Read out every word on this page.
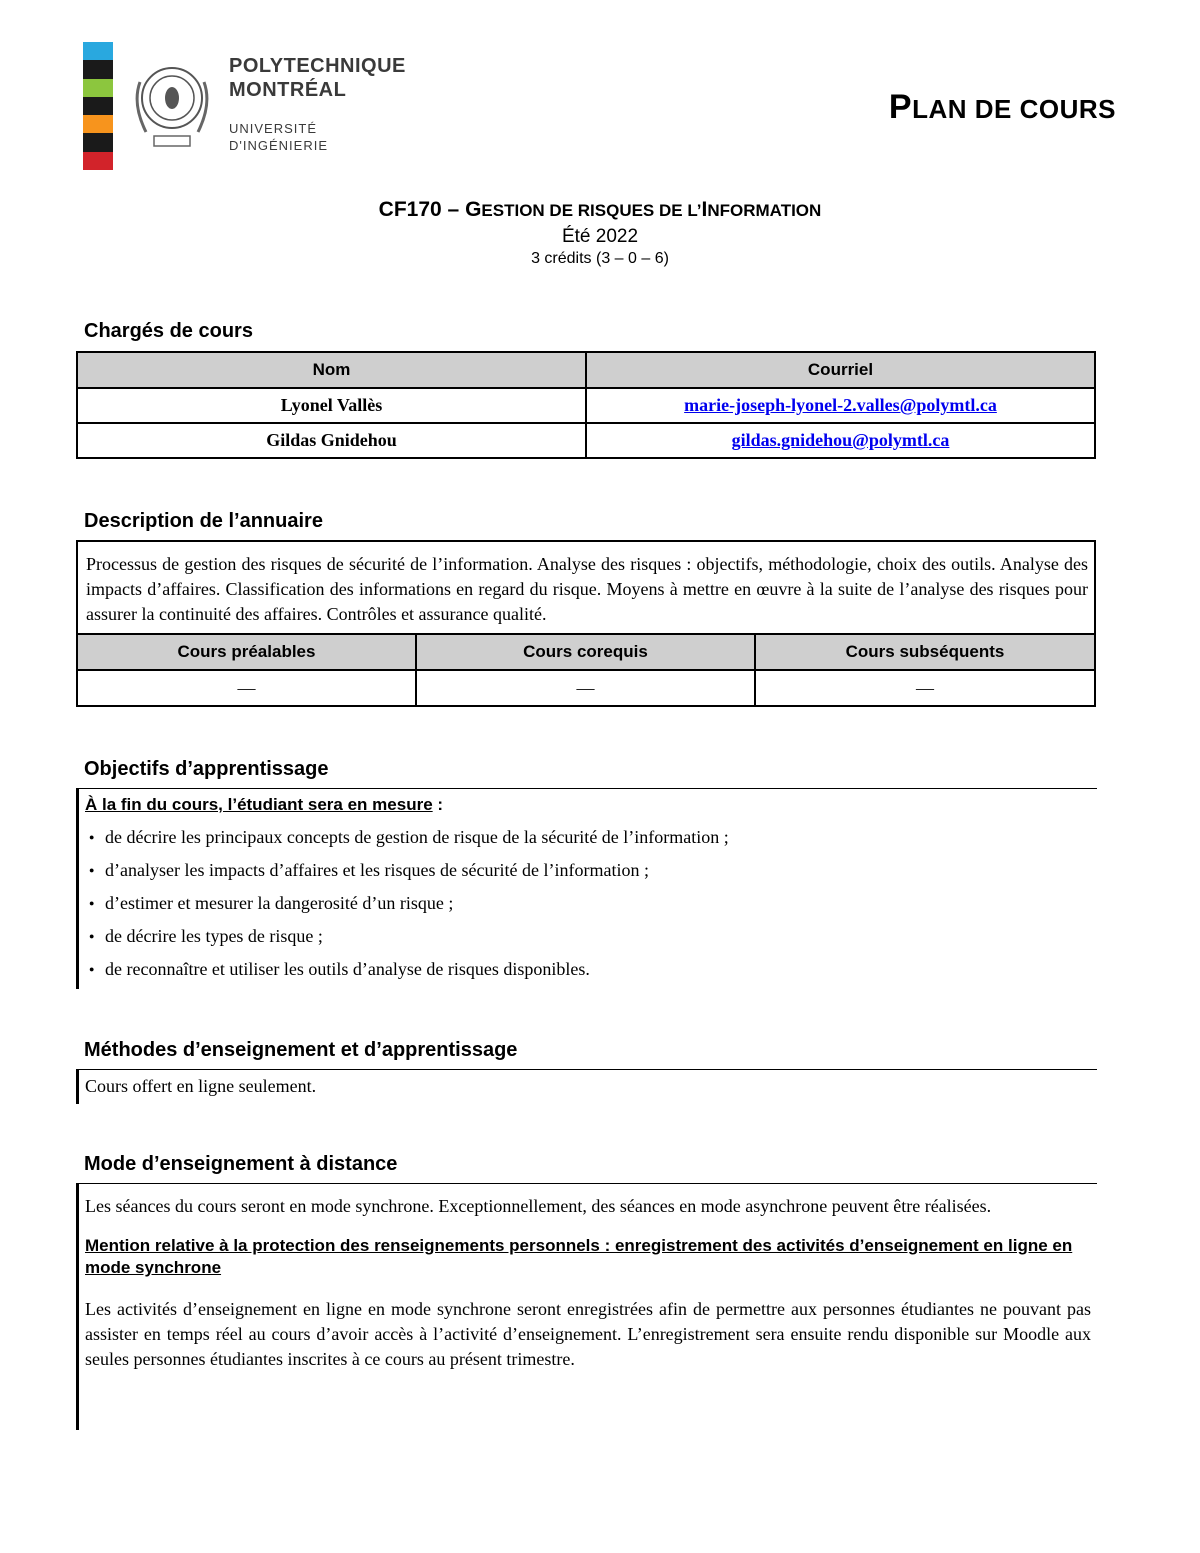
POLYTECHNIQUE
MONTRÉAL
UNIVERSITÉ
D'INGÉNIERIE
PLAN DE COURS
CF170 – GESTION DE RISQUES DE L’INFORMATION
Été 2022
3 crédits (3 – 0 – 6)
Chargés de cours
Nom	Courriel
Lyonel Vallès	marie-joseph-lyonel-2.valles@polymtl.ca
Gildas Gnidehou	gildas.gnidehou@polymtl.ca
Description de l’annuaire

Processus de gestion des risques de sécurité de l’information. Analyse des risques : objectifs, méthodologie, choix des outils. Analyse des impacts d’affaires. Classification des informations en regard du risque. Moyens à mettre en œuvre à la suite de l’analyse des risques pour assurer la continuité des affaires. Contrôles et assurance qualité.		

Cours préalables	Cours corequis	Cours subséquents
—	—	—
Objectifs d’apprentissage
À la fin du cours, l’étudiant sera en mesure :
● de décrire les principaux concepts de gestion de risque de la sécurité de l’information ;
● d’analyser les impacts d’affaires et les risques de sécurité de l’information ;
● d’estimer et mesurer la dangerosité d’un risque ;
● de décrire les types de risque ;
● de reconnaître et utiliser les outils d’analyse de risques disponibles.
Méthodes d’enseignement et d’apprentissage
Cours offert en ligne seulement.
Mode d’enseignement à distance

Les séances du cours seront en mode synchrone. Exceptionnellement, des séances en mode asynchrone peuvent être réalisées.

Mention relative à la protection des renseignements personnels : enregistrement des activités d’enseignement en ligne en mode synchrone

Les activités d’enseignement en ligne en mode synchrone seront enregistrées afin de permettre aux personnes étudiantes ne pouvant pas assister en temps réel au cours d’avoir accès à l’activité d’enseignement. L’enregistrement sera ensuite rendu disponible sur Moodle aux seules personnes étudiantes inscrites à ce cours au présent trimestre.
